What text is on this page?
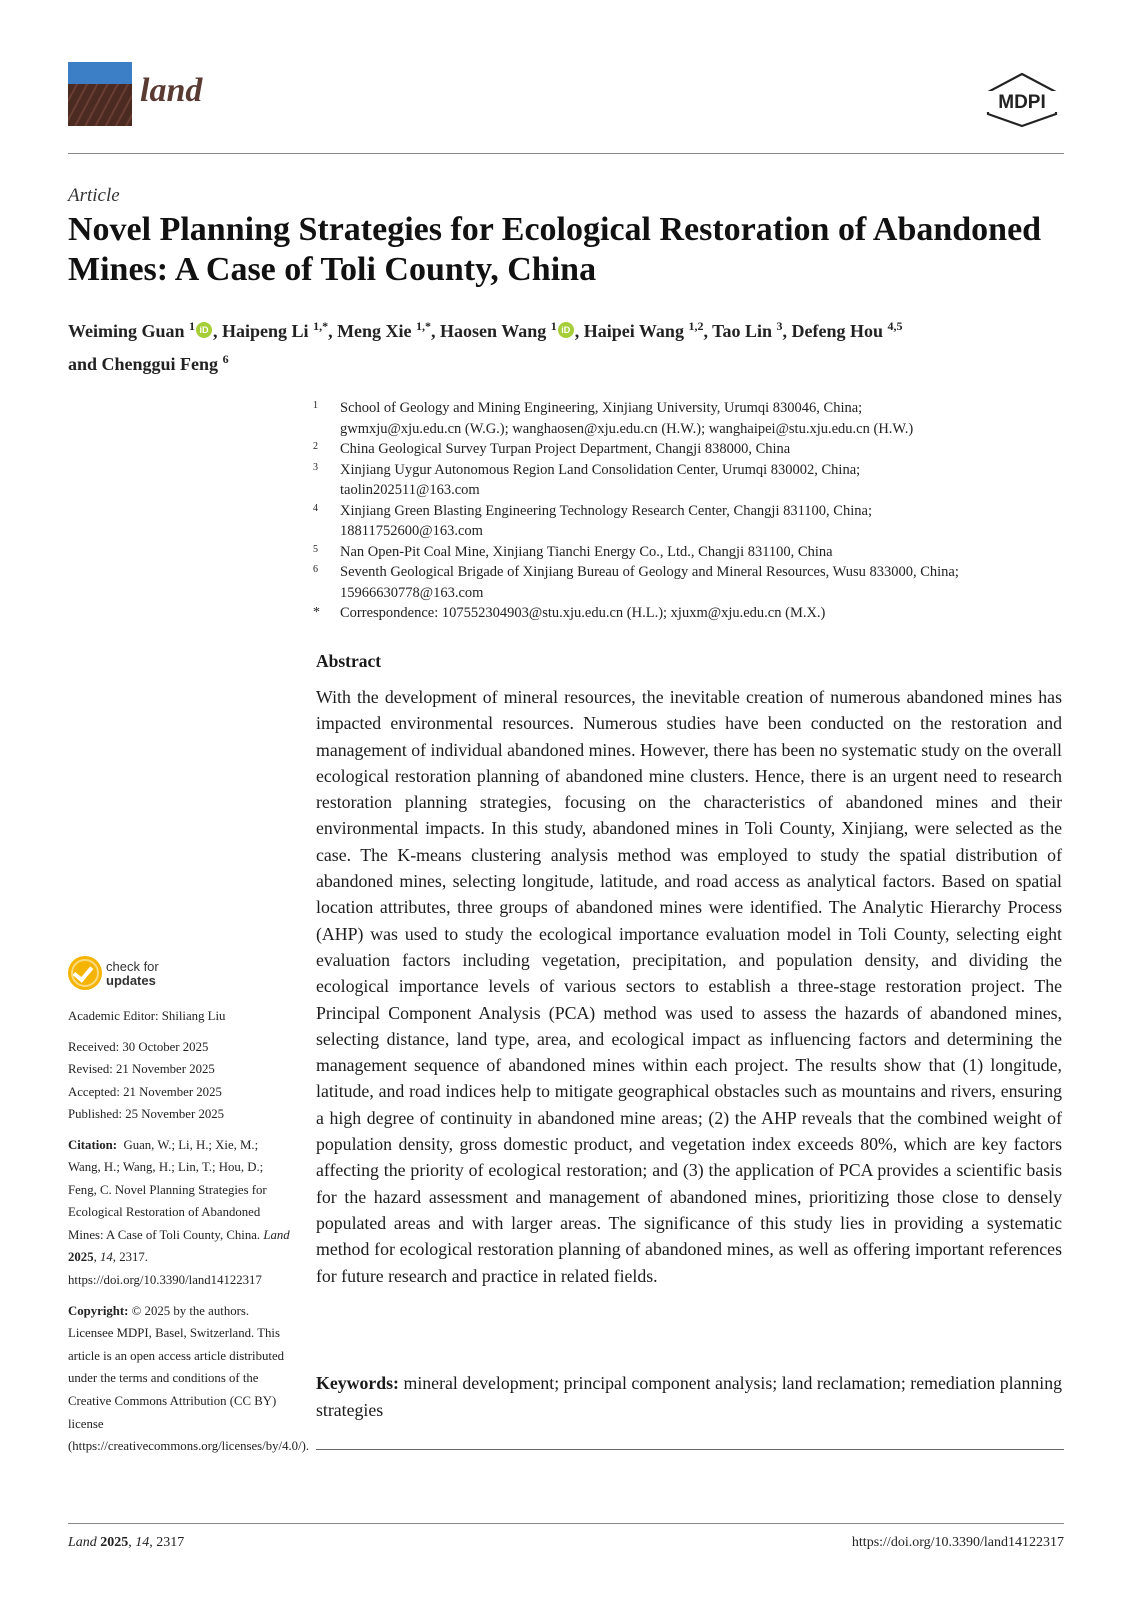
land	MDPI
Article
Novel Planning Strategies for Ecological Restoration of Abandoned Mines: A Case of Toli County, China
Weiming Guan $^1$ iD , Haipeng Li $^{1,*}$, Meng Xie $^{1,*}$, Haosen Wang $^1$ iD , Haipei Wang $^{1,2}$, Tao Lin $^3$, Defeng Hou $^{4,5}$
and Chenggui Feng $^6$
1 School of Geology and Mining Engineering, Xinjiang University, Urumqi 830046, China;
gwmxju@xju.edu.cn (W.G.); wanghaosen@xju.edu.cn (H.W.); wanghaipei@stu.xju.edu.cn (H.W.)
2 China Geological Survey Turpan Project Department, Changji 838000, China
3 Xinjiang Uygur Autonomous Region Land Consolidation Center, Urumqi 830002, China;
taolin202511@163.com
4 Xinjiang Green Blasting Engineering Technology Research Center, Changji 831100, China;
18811752600@163.com
5 Nan Open-Pit Coal Mine, Xinjiang Tianchi Energy Co., Ltd., Changji 831100, China
6 Seventh Geological Brigade of Xinjiang Bureau of Geology and Mineral Resources, Wusu 833000, China;
15966630778@163.com
* Correspondence: 107552304903@stu.xju.edu.cn (H.L.); xjuxm@xju.edu.cn (M.X.)
Abstract
With the development of mineral resources, the inevitable creation of numerous abandoned mines has impacted environmental resources. Numerous studies have been conducted on the restoration and management of individual abandoned mines. However, there has been no systematic study on the overall ecological restoration planning of abandoned mine clusters. Hence, there is an urgent need to research restoration planning strategies, focusing on the characteristics of abandoned mines and their environmental impacts. In this study, abandoned mines in Toli County, Xinjiang, were selected as the case. The K-means clustering analysis method was employed to study the spatial distribution of abandoned mines, selecting longitude, latitude, and road access as analytical factors. Based on spatial location attributes, three groups of abandoned mines were identified. The Analytic Hierarchy Process (AHP) was used to study the ecological importance evaluation model in Toli County, selecting eight evaluation factors including vegetation, precipitation, and population density, and dividing the ecological importance levels of various sectors to establish a three-stage restoration project. The Principal Component Analysis (PCA) method was used to assess the hazards of abandoned mines, selecting distance, land type, area, and ecological impact as influencing factors and determining the management sequence of abandoned mines within each project. The results show that (1) longitude, latitude, and road indices help to mitigate geographical obstacles such as mountains and rivers, ensuring a high degree of continuity in abandoned mine areas; (2) the AHP reveals that the combined weight of population density, gross domestic product, and vegetation index exceeds 80%, which are key factors affecting the priority of ecological restoration; and (3) the application of PCA provides a scientific basis for the hazard assessment and management of abandoned mines, prioritizing those close to densely populated areas and with larger areas. The significance of this study lies in providing a systematic method for ecological restoration planning of abandoned mines, as well as offering important references for future research and practice in related fields.
Keywords: mineral development; principal component analysis; land reclamation; remediation planning strategies
check for
updates
Academic Editor: Shiliang Liu
Received: 30 October 2025
Revised: 21 November 2025
Accepted: 21 November 2025
Published: 25 November 2025
Citation: Guan, W.; Li, H.; Xie, M.; Wang, H.; Wang, H.; Lin, T.; Hou, D.; Feng, C. Novel Planning Strategies for Ecological Restoration of Abandoned Mines: A Case of Toli County, China. Land 2025, 14, 2317. https://doi.org/10.3390/land14122317
Copyright: © 2025 by the authors. Licensee MDPI, Basel, Switzerland. This article is an open access article distributed under the terms and conditions of the Creative Commons Attribution (CC BY) license (https://creativecommons.org/licenses/by/4.0/).
Land 2025, 14, 2317	https://doi.org/10.3390/land14122317
